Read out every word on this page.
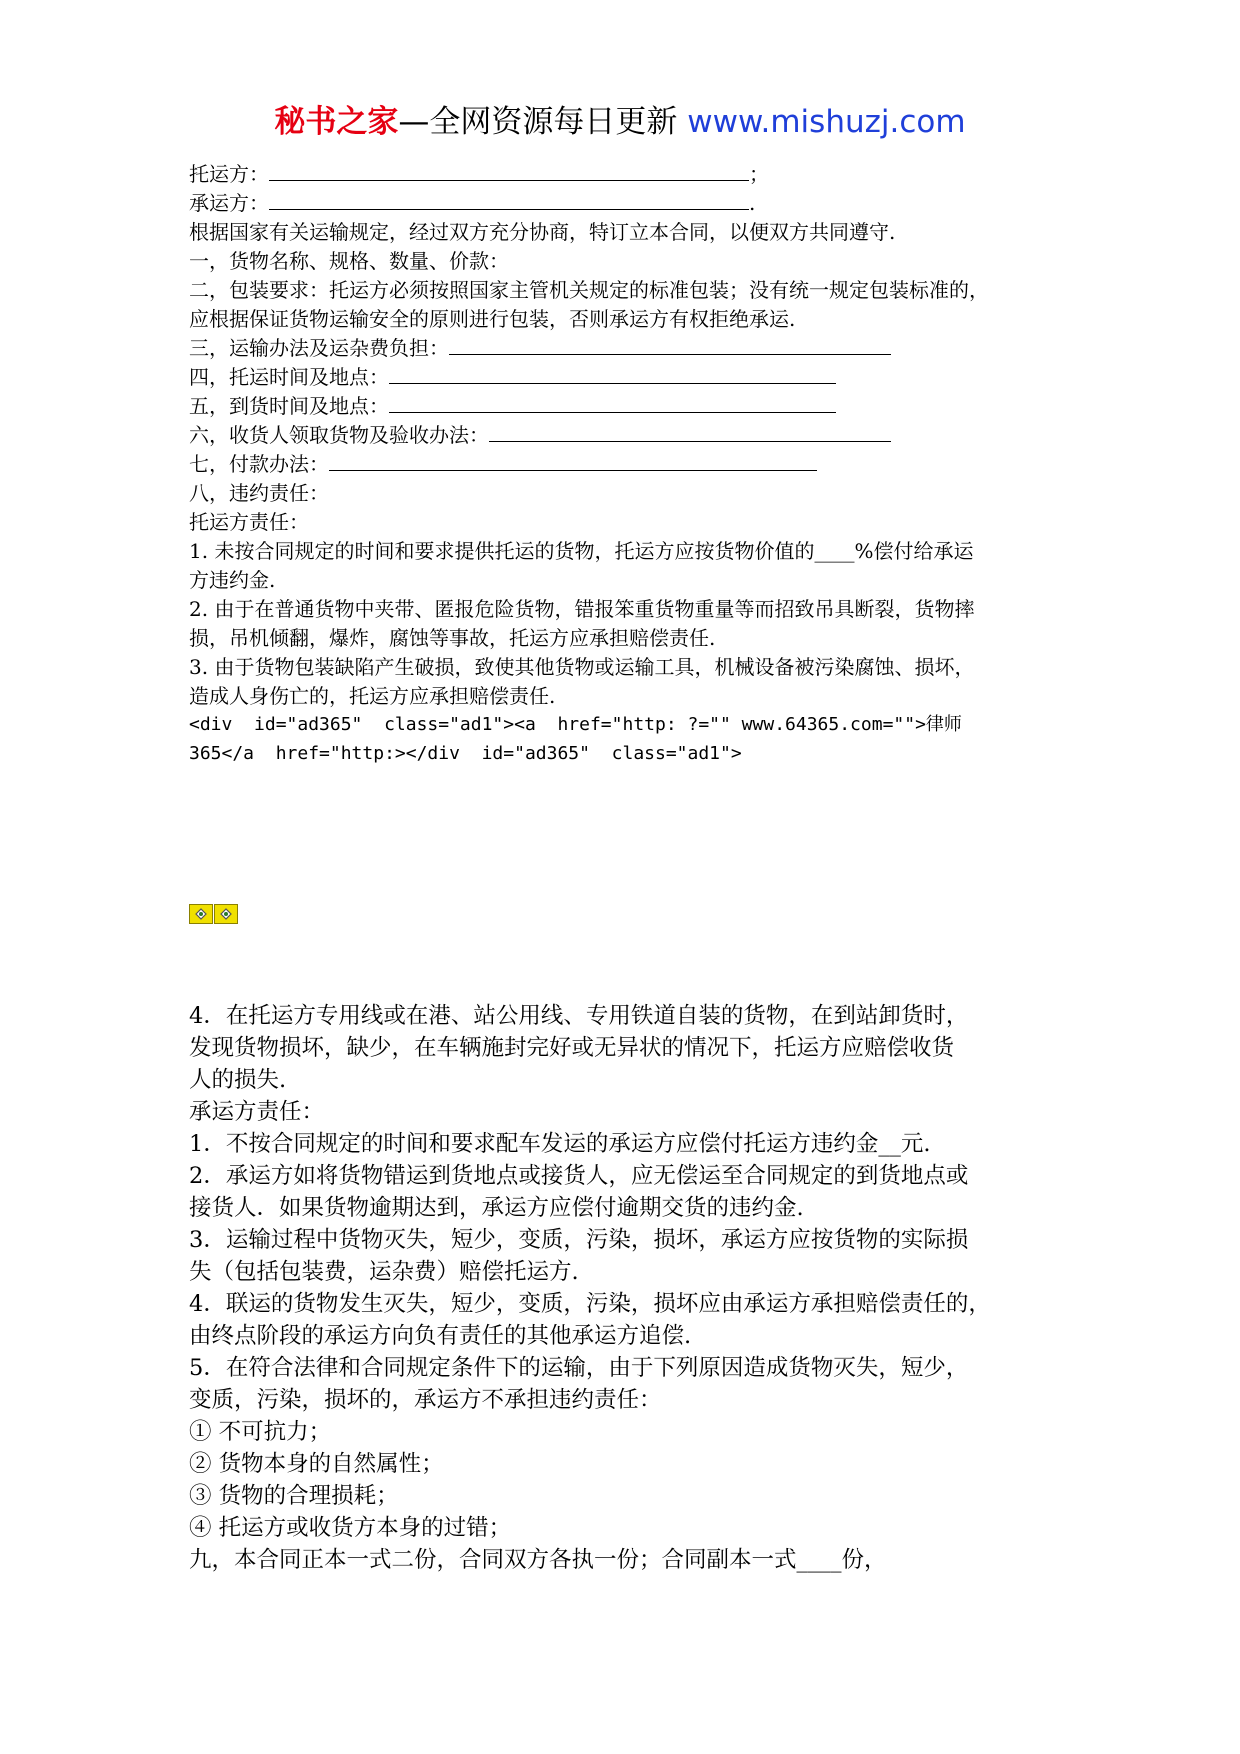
秘书之家—全网资源每日更新 www.mishuzj.com
托运方：	；
承运方：	.
根据国家有关运输规定，经过双方充分协商，特订立本合同，以便双方共同遵守.
一，货物名称、规格、数量、价款：
二，包装要求：托运方必须按照国家主管机关规定的标准包装；没有统一规定包装标准的，
应根据保证货物运输安全的原则进行包装，否则承运方有权拒绝承运.
三，运输办法及运杂费负担：
四，托运时间及地点：
五，到货时间及地点：
六，收货人领取货物及验收办法：
七，付款办法：
八，违约责任：
托运方责任：
1. 未按合同规定的时间和要求提供托运的货物，托运方应按货物价值的____%偿付给承运
方违约金.
2. 由于在普通货物中夹带、匿报危险货物，错报笨重货物重量等而招致吊具断裂，货物摔
损，吊机倾翻，爆炸，腐蚀等事故，托运方应承担赔偿责任.
3. 由于货物包装缺陷产生破损，致使其他货物或运输工具，机械设备被污染腐蚀、损坏，
造成人身伤亡的，托运方应承担赔偿责任.
<div  id="ad365"  class="ad1"><a  href="http: ?="" www.64365.com="">律师
365</a  href="http:></div  id="ad365"  class="ad1">
4．在托运方专用线或在港、站公用线、专用铁道自装的货物，在到站卸货时，
发现货物损坏，缺少，在车辆施封完好或无异状的情况下，托运方应赔偿收货
人的损失.
承运方责任：
1．不按合同规定的时间和要求配车发运的承运方应偿付托运方违约金__元.
2．承运方如将货物错运到货地点或接货人，应无偿运至合同规定的到货地点或
接货人．如果货物逾期达到，承运方应偿付逾期交货的违约金.
3．运输过程中货物灭失，短少，变质，污染，损坏，承运方应按货物的实际损
失（包括包装费，运杂费）赔偿托运方.
4．联运的货物发生灭失，短少，变质，污染，损坏应由承运方承担赔偿责任的，
由终点阶段的承运方向负有责任的其他承运方追偿.
5．在符合法律和合同规定条件下的运输，由于下列原因造成货物灭失，短少，
变质，污染，损坏的，承运方不承担违约责任：
① 不可抗力；
② 货物本身的自然属性；
③ 货物的合理损耗；
④ 托运方或收货方本身的过错；
九，本合同正本一式二份，合同双方各执一份；合同副本一式____份，
